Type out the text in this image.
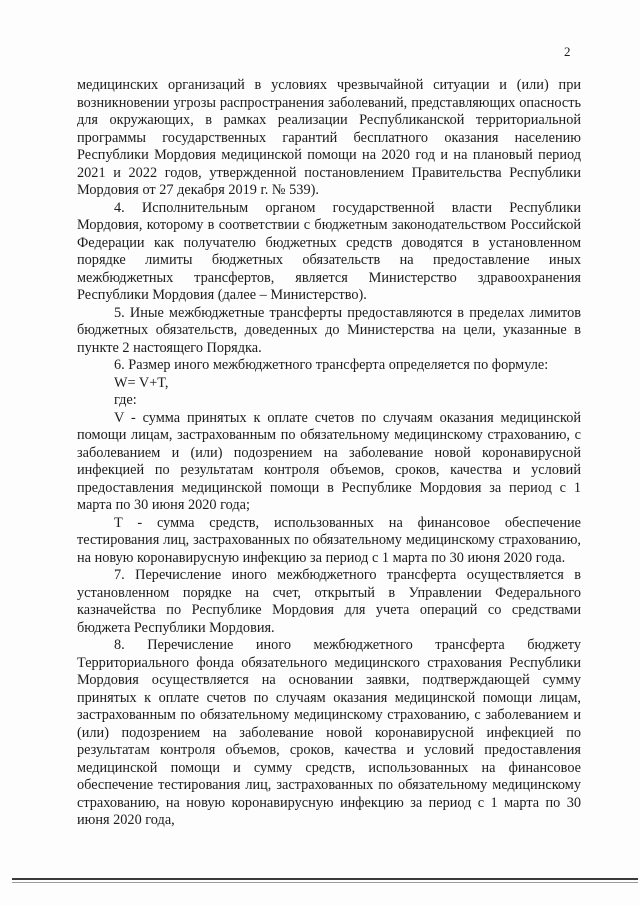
2

медицинских организаций в условиях чрезвычайной ситуации и (или) при возникновении угрозы распространения заболеваний, представляющих опасность для окружающих, в рамках реализации Республиканской территориальной программы государственных гарантий бесплатного оказания населению Республики Мордовия медицинской помощи на 2020 год и на плановый период 2021 и 2022 годов, утвержденной постановлением Правительства Республики Мордовия от 27 декабря 2019 г. № 539).

4. Исполнительным органом государственной власти Республики Мордовия, которому в соответствии с бюджетным законодательством Российской Федерации как получателю бюджетных средств доводятся в установленном порядке лимиты бюджетных обязательств на предоставление иных межбюджетных трансфертов, является Министерство здравоохранения Республики Мордовия (далее – Министерство).

5. Иные межбюджетные трансферты предоставляются в пределах лимитов бюджетных обязательств, доведенных до Министерства на цели, указанные в пункте 2 настоящего Порядка.

6. Размер иного межбюджетного трансферта определяется по формуле:

W= V+T,

где:

V - сумма принятых к оплате счетов по случаям оказания медицинской помощи лицам, застрахованным по обязательному медицинскому страхованию, с заболеванием и (или) подозрением на заболевание новой коронавирусной инфекцией по результатам контроля объемов, сроков, качества и условий предоставления медицинской помощи в Республике Мордовия за период с 1 марта по 30 июня 2020 года;

T - сумма средств, использованных на финансовое обеспечение тестирования лиц, застрахованных по обязательному медицинскому страхованию, на новую коронавирусную инфекцию за период с 1 марта по 30 июня 2020 года.

7. Перечисление иного межбюджетного трансферта осуществляется в установленном порядке на счет, открытый в Управлении Федерального казначейства по Республике Мордовия для учета операций со средствами бюджета Республики Мордовия.

8. Перечисление иного межбюджетного трансферта бюджету Территориального фонда обязательного медицинского страхования Республики Мордовия осуществляется на основании заявки, подтверждающей сумму принятых к оплате счетов по случаям оказания медицинской помощи лицам, застрахованным по обязательному медицинскому страхованию, с заболеванием и (или) подозрением на заболевание новой коронавирусной инфекцией по результатам контроля объемов, сроков, качества и условий предоставления медицинской помощи и сумму средств, использованных на финансовое обеспечение тестирования лиц, застрахованных по обязательному медицинскому страхованию, на новую коронавирусную инфекцию за период с 1 марта по 30 июня 2020 года,
